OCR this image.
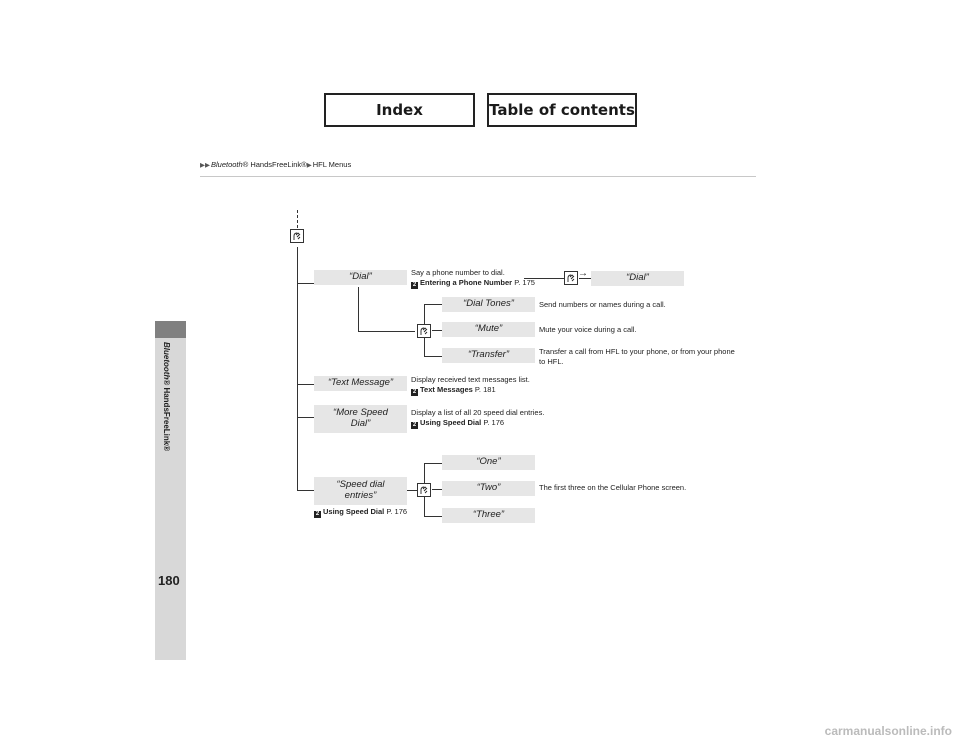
Index	Table of contents
▶▶Bluetooth® HandsFreeLink®▶HFL Menus
Bluetooth® HandsFreeLink®
180
→
“Dial”	“Dial”
“Dial Tones”
“Mute”
“Transfer”
“Text Message”
“More Speed
Dial”
“Speed dial
entries”
“One”
“Two”
“Three”
Say a phone number to dial.
2 Entering a Phone Number P. 175
Send numbers or names during a call.
Mute your voice during a call.
Transfer a call from HFL to your phone, or from your phone to HFL.
Display received text messages list.
2 Text Messages P. 181
Display a list of all 20 speed dial entries.
2 Using Speed Dial P. 176
The first three on the Cellular Phone screen.
2 Using Speed Dial P. 176
carmanualsonline.info
